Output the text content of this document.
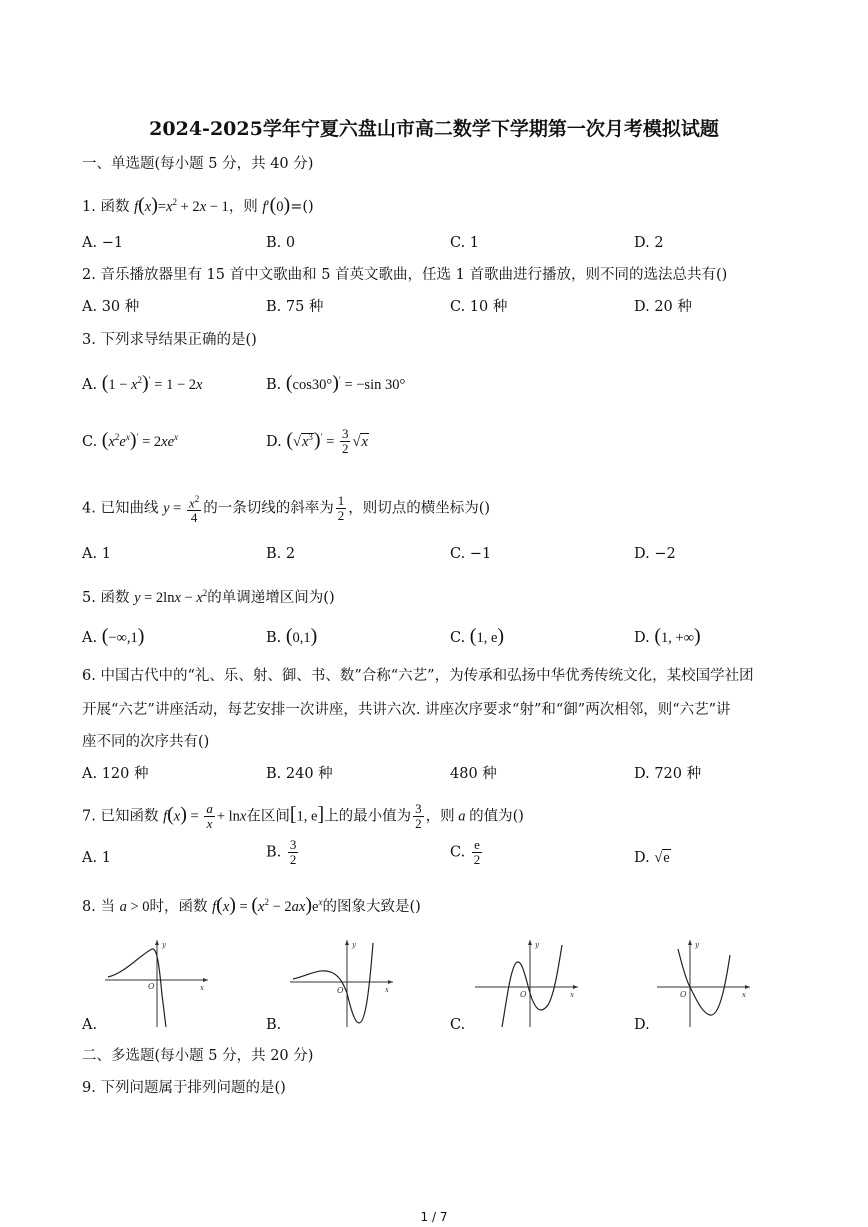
2024-2025学年宁夏六盘山市高二数学下学期第一次月考模拟试题
一、单选题(每小题 5 分，共 40 分)
1. 函数 $f(x)=x^2 + 2x - 1$，则 f′(0)=()
A. −1	B. 0	C. 1	D. 2
2. 音乐播放器里有 15 首中文歌曲和 5 首英文歌曲，任选 1 首歌曲进行播放，则不同的选法总共有()
A. 30 种	B. 75 种	C. 10 种	D. 20 种
3. 下列求导结果正确的是()
A. $(1 - x^2)' = 1 - 2x$	B. (cos30°)′ = −sin 30°
C. $(x^2e^x)' = 2xe^x$	D. $(√x^3)' = \frac{3}{2} √x$
4. 已知曲线 $y = \frac{x^2}{4}$ 的一条切线的斜率为 $\frac{1}{2}$ ，则切点的横坐标为()
A. 1	B. 2	C. −1	D. −2
5. 函数 $y = 2\ln x - x^2$的单调递增区间为()
A. (−∞,1)	B. (0,1)	C. (1, e)	D. (1, +∞)
6. 中国古代中的“礼、乐、射、御、书、数”合称“六艺”，为传承和弘扬中华优秀传统文化，某校国学社团
开展“六艺”讲座活动，每艺安排一次讲座，共讲六次. 讲座次序要求“射”和“御”两次相邻，则“六艺”讲
座不同的次序共有()
A. 120 种	B. 240 种	480 种	D. 720 种
7. 已知函数 $f(x) = \frac{a}{x} + \ln x$在区间[1, e]上的最小值为 $\frac{3}{2}$ ，则 a 的值为()
A. 1	B. $\frac{3}{2}$	C. $\frac{e}{2}$	D. √e
8. 当 a > 0时，函数 $f(x) = (x^2 - 2ax)e^x$的图象大致是()
y
x
O
y
x
O
y
x
O
y
x
O
A.	B.	C.	D.
二、多选题(每小题 5 分，共 20 分)
9. 下列问题属于排列问题的是()
1 / 7
